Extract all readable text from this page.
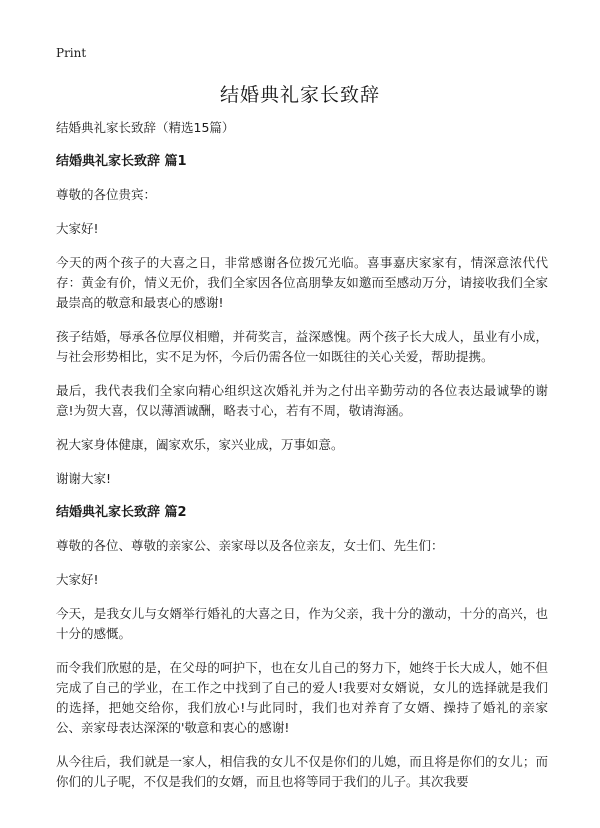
Print
结婚典礼家长致辞
结婚典礼家长致辞（精选15篇）
结婚典礼家长致辞 篇1

尊敬的各位贵宾：

大家好!

今天的两个孩子的大喜之日，非常感谢各位拨冗光临。喜事嘉庆家家有，情深意浓代代存：黄金有价，情义无价，我们全家因各位高朋挚友如邀而至感动万分，请接收我们全家最崇高的敬意和最衷心的感谢!

孩子结婚，辱承各位厚仪相赠，并荷奖言，益深感愧。两个孩子长大成人，虽业有小成，与社会形势相比，实不足为怀，今后仍需各位一如既往的关心关爱，帮助提携。

最后，我代表我们全家向精心组织这次婚礼并为之付出辛勤劳动的各位表达最诚挚的谢意!为贺大喜，仅以薄酒诚酬，略表寸心，若有不周，敬请海涵。

祝大家身体健康，阖家欢乐，家兴业成，万事如意。

谢谢大家!

结婚典礼家长致辞 篇2

尊敬的各位、尊敬的亲家公、亲家母以及各位亲友，女士们、先生们：

大家好!

今天，是我女儿与女婿举行婚礼的大喜之日，作为父亲，我十分的激动，十分的高兴，也十分的感慨。

而令我们欣慰的是，在父母的呵护下，也在女儿自己的努力下，她终于长大成人，她不但完成了自己的学业，在工作之中找到了自己的爱人!我要对女婿说，女儿的选择就是我们的选择，把她交给你，我们放心!与此同时，我们也对养育了女婿、操持了婚礼的亲家公、亲家母表达深深的'敬意和衷心的感谢!

从今往后，我们就是一家人，相信我的女儿不仅是你们的儿媳，而且将是你们的女儿；而你们的儿子呢，不仅是我们的女婿，而且也将等同于我们的儿子。其次我要
